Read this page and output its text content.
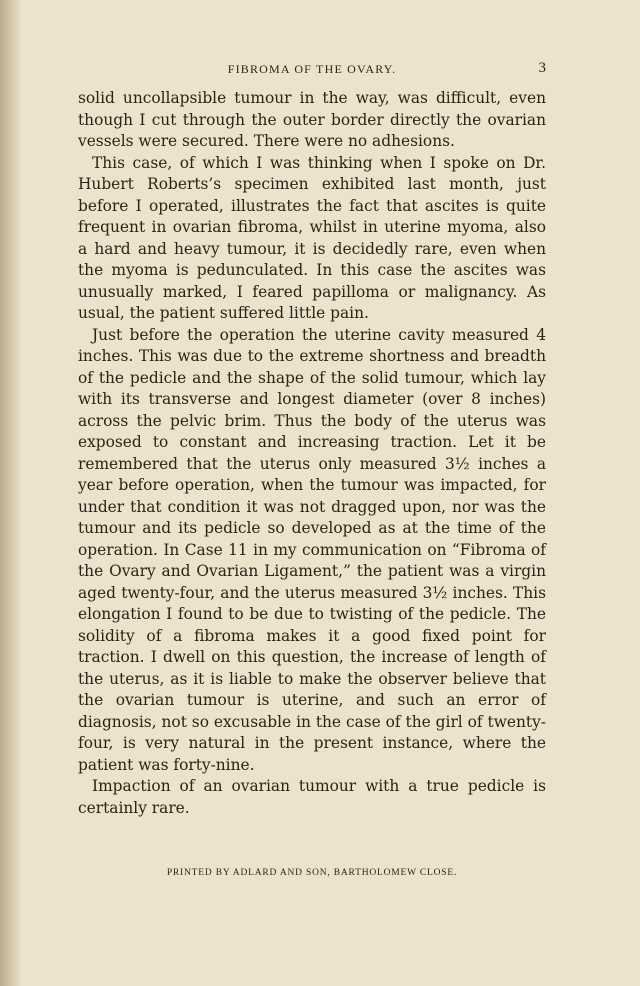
FIBROMA OF THE OVARY.	3

solid uncollapsible tumour in the way, was difficult, even though I cut through the outer border directly the ovarian vessels were secured. There were no adhesions.

This case, of which I was thinking when I spoke on Dr. Hubert Roberts’s specimen exhibited last month, just before I operated, illustrates the fact that ascites is quite frequent in ovarian fibroma, whilst in uterine myoma, also a hard and heavy tumour, it is decidedly rare, even when the myoma is pedunculated. In this case the ascites was unusually marked, I feared papilloma or malignancy. As usual, the patient suffered little pain.

Just before the operation the uterine cavity measured 4 inches. This was due to the extreme shortness and breadth of the pedicle and the shape of the solid tumour, which lay with its transverse and longest diameter (over 8 inches) across the pelvic brim. Thus the body of the uterus was exposed to constant and increasing traction. Let it be remembered that the uterus only measured 3½ inches a year before operation, when the tumour was impacted, for under that condition it was not dragged upon, nor was the tumour and its pedicle so developed as at the time of the operation. In Case 11 in my communication on “Fibroma of the Ovary and Ovarian Ligament,” the patient was a virgin aged twenty-four, and the uterus measured 3½ inches. This elongation I found to be due to twisting of the pedicle. The solidity of a fibroma makes it a good fixed point for traction. I dwell on this question, the increase of length of the uterus, as it is liable to make the observer believe that the ovarian tumour is uterine, and such an error of diagnosis, not so excusable in the case of the girl of twenty-four, is very natural in the present instance, where the patient was forty-nine.

Impaction of an ovarian tumour with a true pedicle is certainly rare.

PRINTED BY ADLARD AND SON, BARTHOLOMEW CLOSE.
